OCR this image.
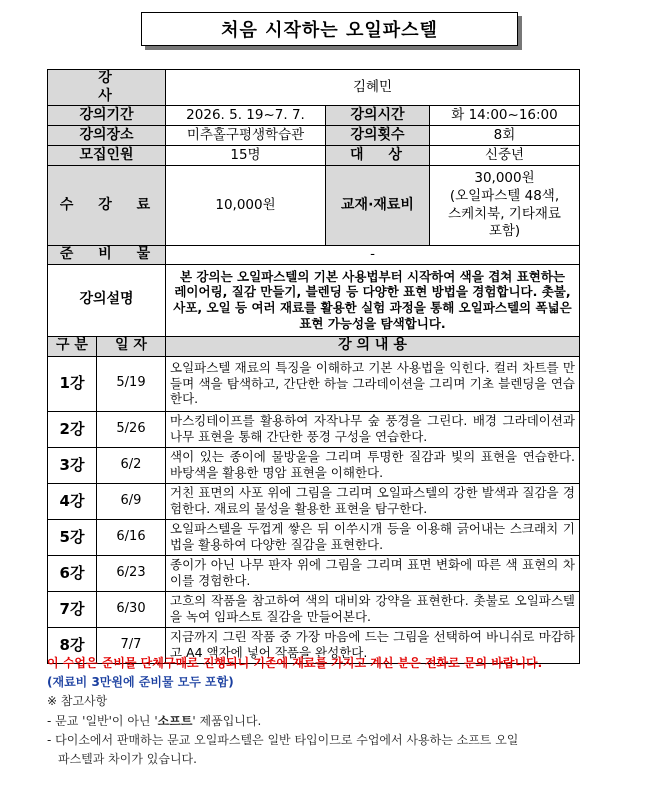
처음 시작하는 오일파스텔
강 사		김혜민		
강의기간		2026. 5. 19~7. 7.	강의시간	화 14:00~16:00
강의장소		미추홀구평생학습관	강의횟수	8회
모집인원		15명	대 상	신중년
수 강 료		10,000원	교재·재료비	30,000원
(오일파스텔 48색,
스케치북, 기타재료
포함)

준 비 물		-		
강의설명		본 강의는 오일파스텔의 기본 사용법부터 시작하여 색을 겹쳐 표현하는 레이어링, 질감 만들기, 블렌딩 등 다양한 표현 방법을 경험합니다. 촛불, 사포, 오일 등 여러 재료를 활용한 실험 과정을 통해 오일파스텔의 폭넓은 표현 가능성을 탐색합니다.		
구 분	일 자	강 의 내 용		
1강	5/19	오일파스텔 재료의 특징을 이해하고 기본 사용법을 익힌다. 컬러 차트를 만들며 색을 탐색하고, 간단한 하늘 그라데이션을 그리며 기초 블렌딩을 연습한다.		
2강	5/26	마스킹테이프를 활용하여 자작나무 숲 풍경을 그린다. 배경 그라데이션과 나무 표현을 통해 간단한 풍경 구성을 연습한다.		
3강	6/2	색이 있는 종이에 물방울을 그리며 투명한 질감과 빛의 표현을 연습한다. 바탕색을 활용한 명암 표현을 이해한다.		
4강	6/9	거친 표면의 사포 위에 그림을 그리며 오일파스텔의 강한 발색과 질감을 경험한다. 재료의 물성을 활용한 표현을 탐구한다.		
5강	6/16	오일파스텔을 두껍게 쌓은 뒤 이쑤시개 등을 이용해 긁어내는 스크래치 기법을 활용하여 다양한 질감을 표현한다.		
6강	6/23	종이가 아닌 나무 판자 위에 그림을 그리며 표면 변화에 따른 색 표현의 차이를 경험한다.		
7강	6/30	고흐의 작품을 참고하여 색의 대비와 강약을 표현한다. 촛불로 오일파스텔을 녹여 임파스토 질감을 만들어본다.		
8강	7/7	지금까지 그린 작품 중 가장 마음에 드는 그림을 선택하여 바니쉬로 마감하고 A4 액자에 넣어 작품을 완성한다.		
이 수업은 준비물 단체구매로 진행되니 기존에 재료를 가지고 계신 분은 전화로 문의 바랍니다.
(재료비 3만원에 준비물 모두 포함)
※ 참고사항
- 문교 '일반'이 아닌 '소프트' 제품입니다.
- 다이소에서 판매하는 문교 오일파스텔은 일반 타입이므로 수업에서 사용하는 소프트 오일
파스텔과 차이가 있습니다.
